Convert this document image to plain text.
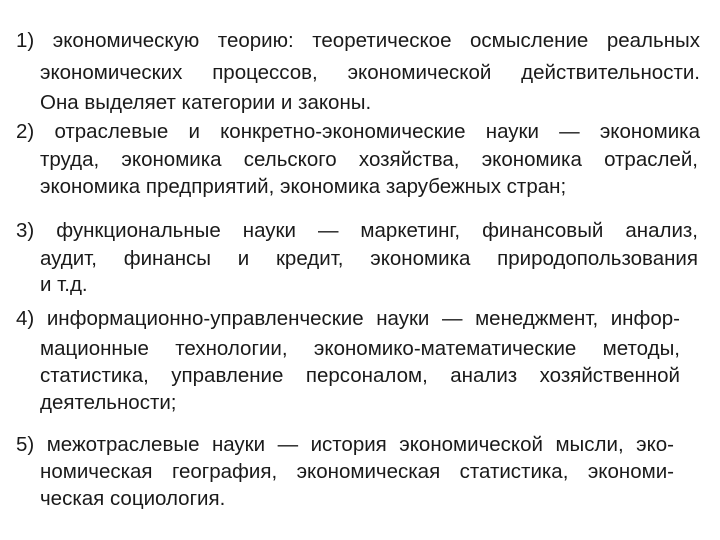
1) экономическую теорию: теоретическое осмысление реальных
экономических процессов, экономической действительности.
Она выделяет категории и законы.
2) отраслевые и конкретно-экономические науки — экономика
труда, экономика сельского хозяйства, экономика отраслей,
экономика предприятий, экономика зарубежных стран;
3) функциональные науки — маркетинг, финансовый анализ,
аудит, финансы и кредит, экономика природопользования
и т.д.
4) информационно-управленческие науки — менеджмент, инфор-
мационные технологии, экономико-математические методы,
статистика, управление персоналом, анализ хозяйственной
деятельности;
5) межотраслевые науки — история экономической мысли, эко-
номическая география, экономическая статистика, экономи-
ческая социология.
